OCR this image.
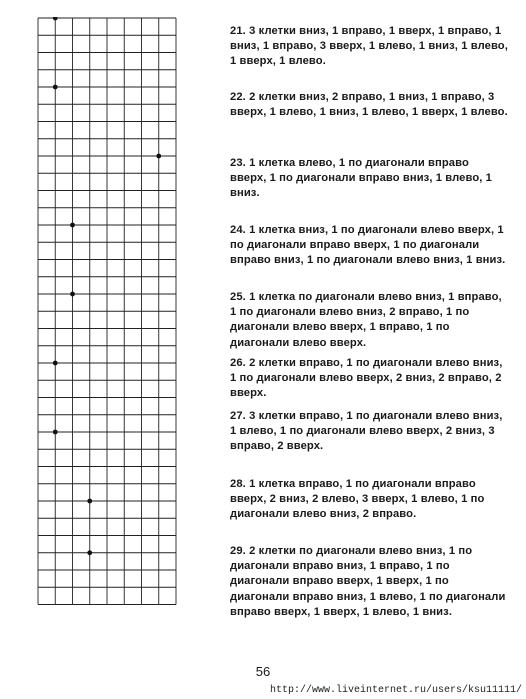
21. 3 клетки вниз, 1 вправо, 1 вверх, 1 вправо, 1 вниз, 1 вправо, 3 вверх, 1 влево, 1 вниз, 1 влево, 1 вверх, 1 влево.
22. 2 клетки вниз, 2 вправо, 1 вниз, 1 вправо, 3 вверх, 1 влево, 1 вниз, 1 влево, 1 вверх, 1 влево.
23. 1 клетка влево, 1 по диагонали вправо вверх, 1 по диагонали вправо вниз, 1 влево, 1 вниз.
24. 1 клетка вниз, 1 по диагонали влево вверх, 1 по диагонали вправо вверх, 1 по диагонали вправо вниз, 1 по диагонали влево вниз, 1 вниз.
25. 1 клетка по диагонали влево вниз, 1 вправо, 1 по диагонали влево вниз, 2 вправо, 1 по диагонали влево вверх, 1 вправо, 1 по диагонали влево вверх.
26. 2 клетки вправо, 1 по диагонали влево вниз, 1 по диагонали влево вверх, 2 вниз, 2 вправо, 2 вверх.
27. 3 клетки вправо, 1 по диагонали влево вниз, 1 влево, 1 по диагонали влево вверх, 2 вниз, 3 вправо, 2 вверх.
28. 1 клетка вправо, 1 по диагонали вправо вверх, 2 вниз, 2 влево, 3 вверх, 1 влево, 1 по диагонали влево вниз, 2 вправо.
29. 2 клетки по диагонали влево вниз, 1 по диагонали вправо вниз, 1 вправо, 1 по диагонали вправо вверх, 1 вверх, 1 по диагонали вправо вниз, 1 влево, 1 по диагонали вправо вверх, 1 вверх, 1 влево, 1 вниз.
56
http://www.liveinternet.ru/users/ksu11111/
